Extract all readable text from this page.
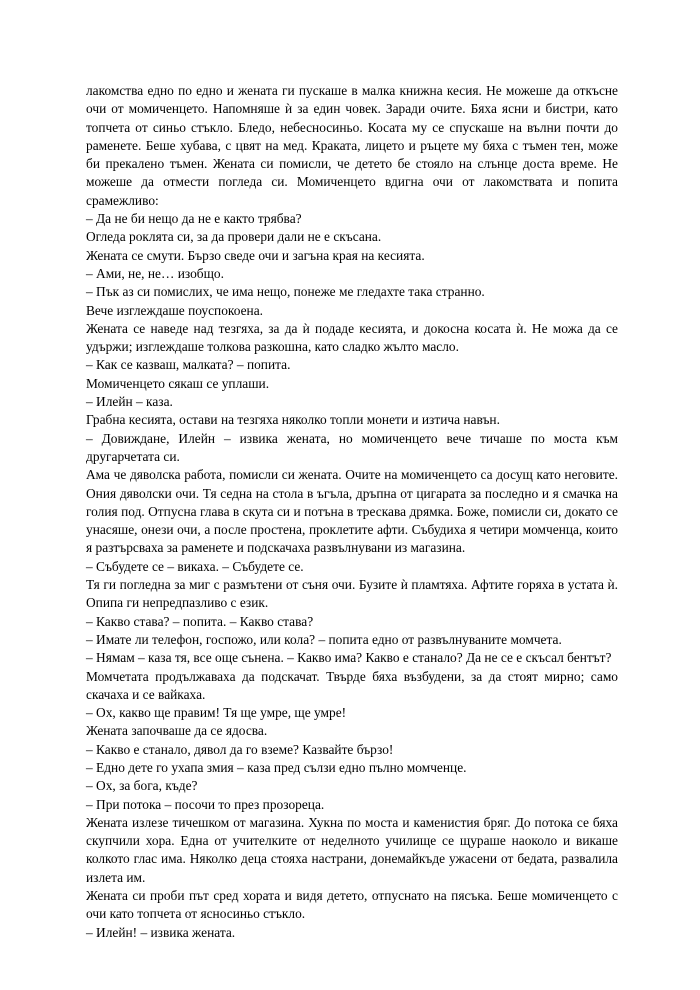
лакомства едно по едно и жената ги пускаше в малка книжна кесия. Не можеше да откъсне очи от момиченцето. Напомняше ѝ за един човек. Заради очите. Бяха ясни и бистри, като топчета от синьо стъкло. Бледо, небесносиньо. Косата му се спускаше на вълни почти до раменете. Беше хубава, с цвят на мед. Краката, лицето и ръцете му бяха с тъмен тен, може би прекалено тъмен. Жената си помисли, че детето бе стояло на слънце доста време. Не можеше да отмести погледа си. Момиченцето вдигна очи от лакомствата и попита срамежливо:

– Да не би нещо да не е както трябва?

Огледа роклята си, за да провери дали не е скъсана.

Жената се смути. Бързо сведе очи и загъна края на кесията.

– Ами, не, не… изобщо.

– Пък аз си помислих, че има нещо, понеже ме гледахте така странно.

Вече изглеждаше поуспокоена.

Жената се наведе над тезгяха, за да ѝ подаде кесията, и докосна косата ѝ. Не можа да се удържи; изглеждаше толкова разкошна, като сладко жълто масло.

– Как се казваш, малката? – попита.

Момиченцето сякаш се уплаши.

– Илейн – каза.

Грабна кесията, остави на тезгяха няколко топли монети и изтича навън.

– Довиждане, Илейн – извика жената, но момиченцето вече тичаше по моста към другарчетата си.

Ама че дяволска работа, помисли си жената. Очите на момиченцето са досущ като неговите. Ония дяволски очи. Тя седна на стола в ъгъла, дръпна от цигарата за последно и я смачка на голия под. Отпусна глава в скута си и потъна в трескава дрямка. Боже, помисли си, докато се унасяше, онези очи, а после простена, проклетите афти. Събудиха я четири момченца, които я разтърсваха за раменете и подскачаха развълнувани из магазина.

– Събудете се – викаха. – Събудете се.

Тя ги погледна за миг с размътени от съня очи. Бузите ѝ пламтяха. Афтите горяха в устата ѝ. Опипа ги непредпазливо с език.

– Какво става? – попита. – Какво става?

– Имате ли телефон, госпожо, или кола? – попита едно от развълнуваните момчета.

– Нямам – каза тя, все още сънена. – Какво има? Какво е станало? Да не се е скъсал бентът?

Момчетата продължаваха да подскачат. Твърде бяха възбудени, за да стоят мирно; само скачаха и се вайкаха.

– Ох, какво ще правим! Тя ще умре, ще умре!

Жената започваше да се ядосва.

– Какво е станало, дявол да го вземе? Казвайте бързо!

– Едно дете го ухапа змия – каза пред сълзи едно пълно момченце.

– Ох, за бога, къде?

– При потока – посочи то през прозореца.

Жената излезе тичешком от магазина. Хукна по моста и каменистия бряг. До потока се бяха скупчили хора. Една от учителките от неделното училище се щураше наоколо и викаше колкото глас има. Няколко деца стояха настрани, донемайкъде ужасени от бедата, развалила излета им.

Жената си проби път сред хората и видя детето, отпуснато на пясъка. Беше момиченцето с очи като топчета от ясносиньо стъкло.

– Илейн! – извика жената.
